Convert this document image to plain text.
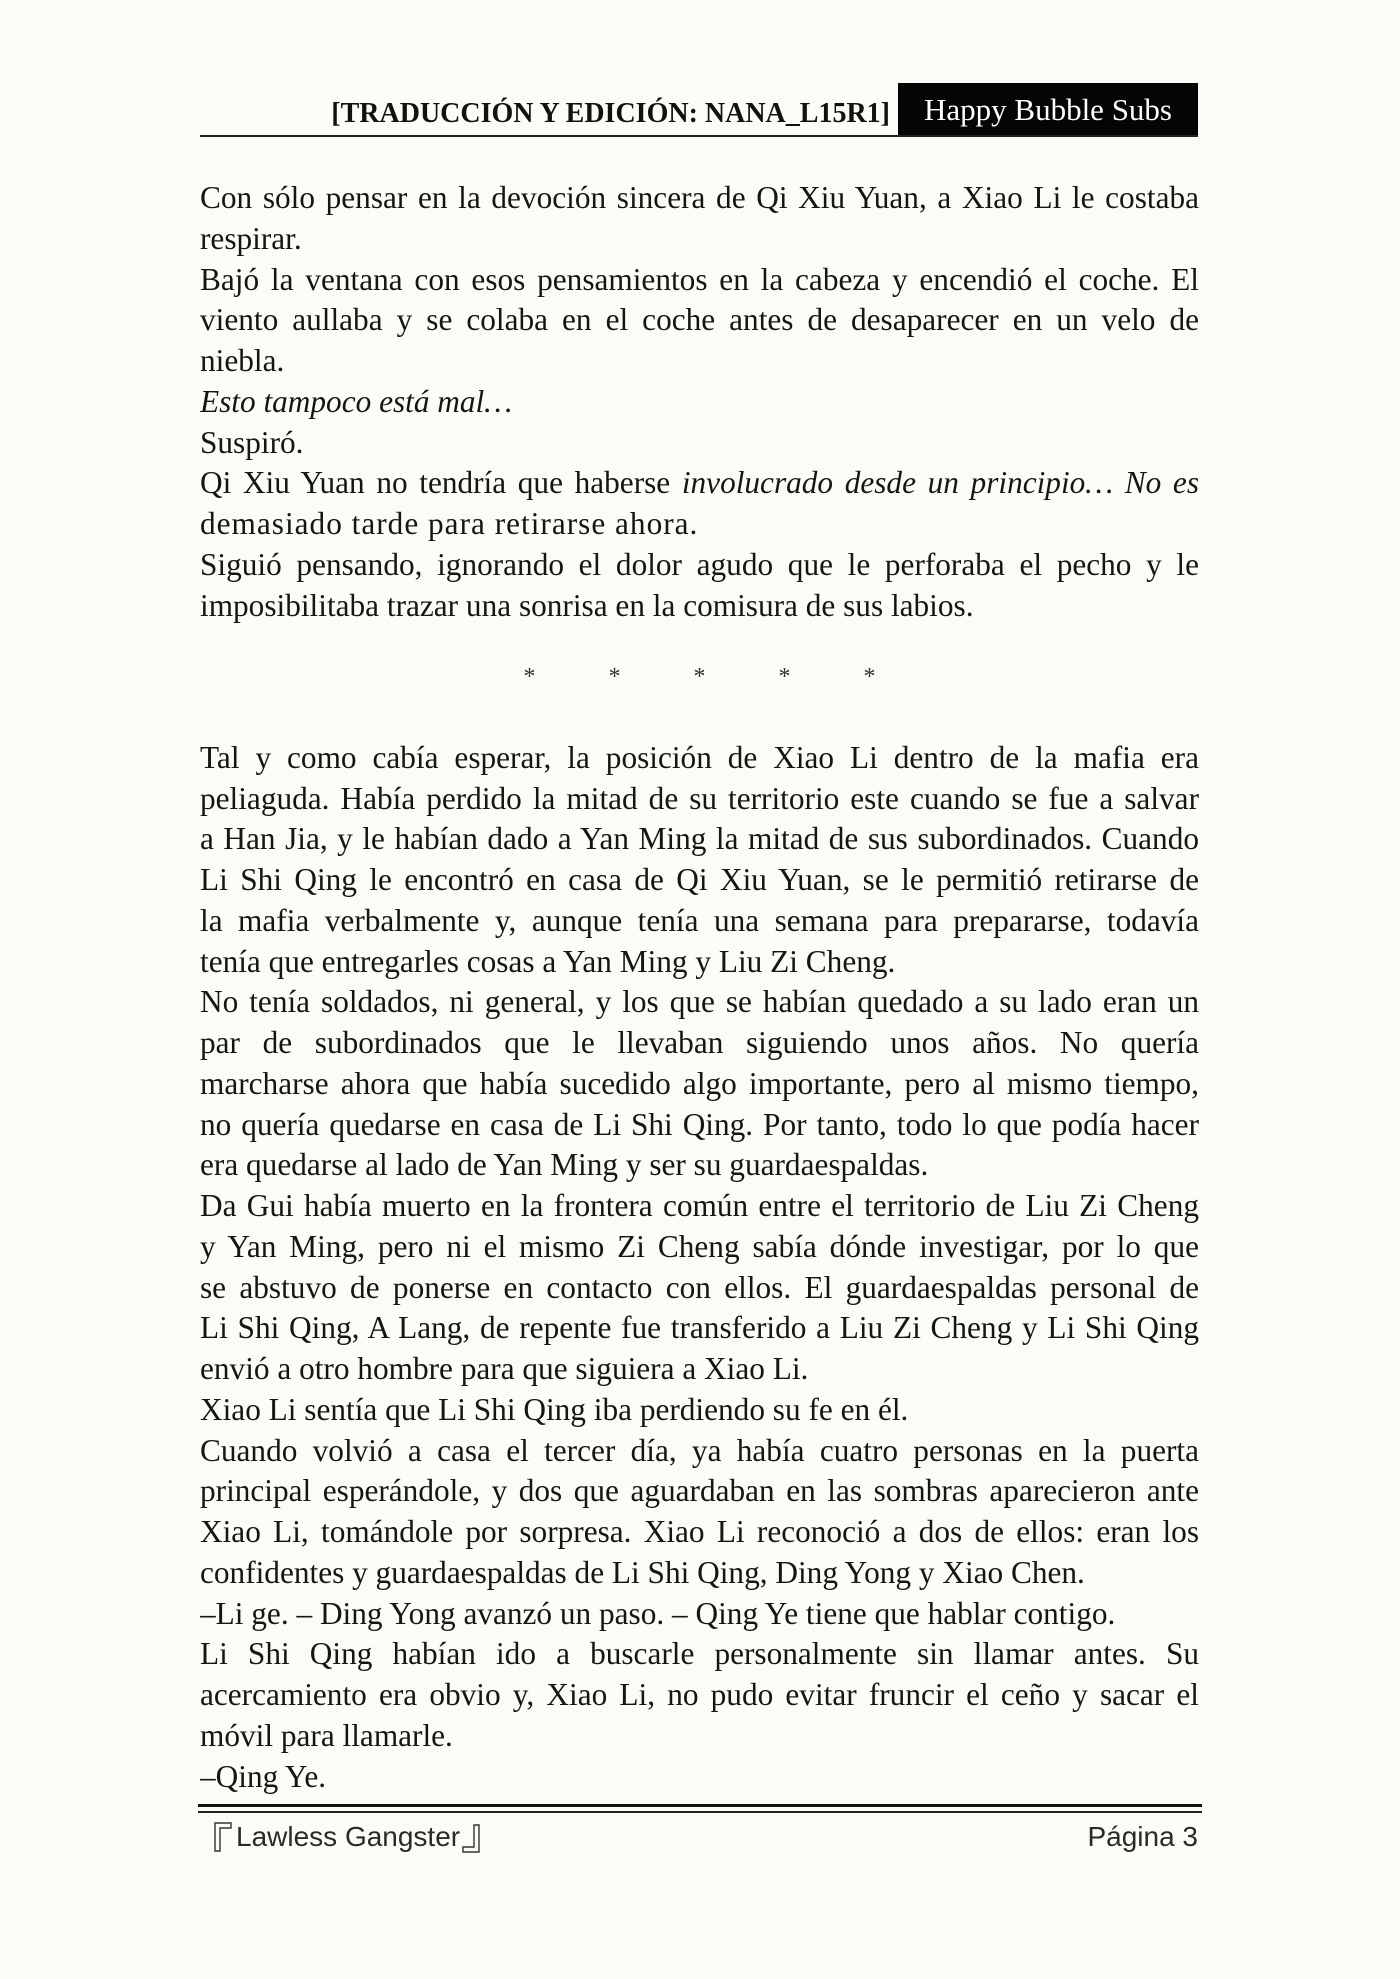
[TRADUCCIÓN Y EDICIÓN: NANA_L15R1]	Happy Bubble Subs
Con sólo pensar en la devoción sincera de Qi Xiu Yuan, a Xiao Li le costaba
respirar.
Bajó la ventana con esos pensamientos en la cabeza y encendió el coche. El
viento aullaba y se colaba en el coche antes de desaparecer en un velo de
niebla.
Esto tampoco está mal…
Suspiró.
Qi Xiu Yuan no tendría que haberse involucrado desde un principio… No es
demasiado tarde para retirarse ahora.
Siguió pensando, ignorando el dolor agudo que le perforaba el pecho y le
imposibilitaba trazar una sonrisa en la comisura de sus labios.
*	*	*	*	*
Tal y como cabía esperar, la posición de Xiao Li dentro de la mafia era
peliaguda. Había perdido la mitad de su territorio este cuando se fue a salvar
a Han Jia, y le habían dado a Yan Ming la mitad de sus subordinados. Cuando
Li Shi Qing le encontró en casa de Qi Xiu Yuan, se le permitió retirarse de
la mafia verbalmente y, aunque tenía una semana para prepararse, todavía
tenía que entregarles cosas a Yan Ming y Liu Zi Cheng.
No tenía soldados, ni general, y los que se habían quedado a su lado eran un
par de subordinados que le llevaban siguiendo unos años. No quería
marcharse ahora que había sucedido algo importante, pero al mismo tiempo,
no quería quedarse en casa de Li Shi Qing. Por tanto, todo lo que podía hacer
era quedarse al lado de Yan Ming y ser su guardaespaldas.
Da Gui había muerto en la frontera común entre el territorio de Liu Zi Cheng
y Yan Ming, pero ni el mismo Zi Cheng sabía dónde investigar, por lo que
se abstuvo de ponerse en contacto con ellos. El guardaespaldas personal de
Li Shi Qing, A Lang, de repente fue transferido a Liu Zi Cheng y Li Shi Qing
envió a otro hombre para que siguiera a Xiao Li.
Xiao Li sentía que Li Shi Qing iba perdiendo su fe en él.
Cuando volvió a casa el tercer día, ya había cuatro personas en la puerta
principal esperándole, y dos que aguardaban en las sombras aparecieron ante
Xiao Li, tomándole por sorpresa. Xiao Li reconoció a dos de ellos: eran los
confidentes y guardaespaldas de Li Shi Qing, Ding Yong y Xiao Chen.
–Li ge. – Ding Yong avanzó un paso. – Qing Ye tiene que hablar contigo.
Li Shi Qing habían ido a buscarle personalmente sin llamar antes. Su
acercamiento era obvio y, Xiao Li, no pudo evitar fruncir el ceño y sacar el
móvil para llamarle.
–Qing Ye.
Lawless Gangster	Página 3
